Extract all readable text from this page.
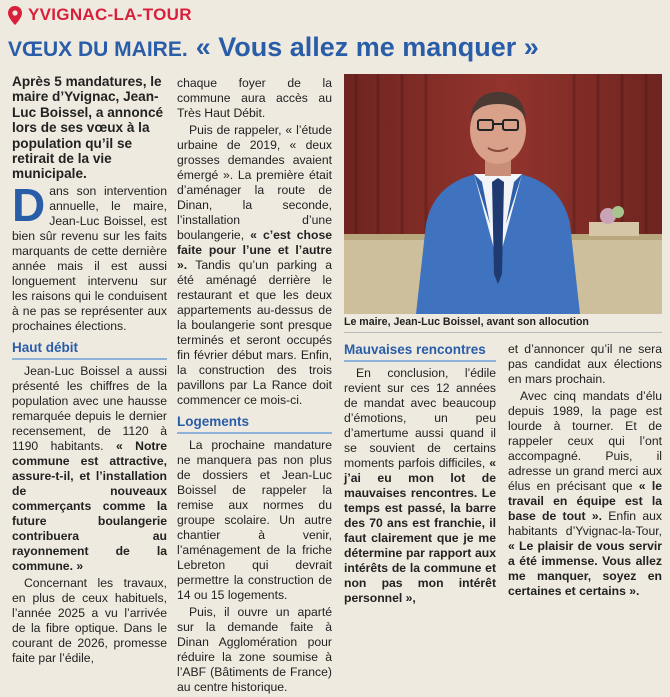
YVIGNAC-LA-TOUR
VŒUX DU MAIRE. « Vous allez me manquer »

Après 5 mandatures, le maire d’Yvignac, Jean-Luc Boissel, a annoncé lors de ses vœux à la population qu’il se retirait de la vie municipale.

Dans son intervention annuelle, le maire, Jean-Luc Boissel, est bien sûr revenu sur les faits marquants de cette dernière année mais il est aussi longuement intervenu sur les raisons qui le conduisent à ne pas se représenter aux prochaines élections.

Haut débit

Jean-Luc Boissel a aussi présenté les chiffres de la population avec une hausse remarquée depuis le dernier recensement, de 1120 à 1190 habitants. « Notre commune est attractive, assure-t-il, et l’installation de nouveaux commerçants comme la future boulangerie contribuera au rayonnement de la commune. »

Concernant les travaux, en plus de ceux habituels, l’année 2025 a vu l’arrivée de la fibre optique. Dans le courant de 2026, promesse faite par l’édile,

chaque foyer de la commune aura accès au Très Haut Débit.

Puis de rappeler, « l’étude urbaine de 2019, « deux grosses demandes avaient émergé ». La première était d’aménager la route de Dinan, la seconde, l’installation d’une boulangerie, « c’est chose faite pour l’une et l’autre ». Tandis qu’un parking a été aménagé derrière le restaurant et que les deux appartements au-dessus de la boulangerie sont presque terminés et seront occupés fin février début mars. Enfin, la construction des trois pavillons par La Rance doit commencer ce mois-ci.

Logements

La prochaine mandature ne manquera pas non plus de dossiers et Jean-Luc Boissel de rappeler la remise aux normes du groupe scolaire. Un autre chantier à venir, l’aménagement de la friche Lebreton qui devrait permettre la construction de 14 ou 15 logements.

Puis, il ouvre un aparté sur la demande faite à Dinan Agglomération pour réduire la zone soumise à l’ABF (Bâtiments de France) au centre historique.

Le maire, Jean-Luc Boissel, avant son allocution
Mauvaises rencontres

En conclusion, l’édile revient sur ces 12 années de mandat avec beaucoup d’émotions, un peu d’amertume aussi quand il se souvient de certains moments parfois difficiles, « j’ai eu mon lot de mauvaises rencontres. Le temps est passé, la barre des 70 ans est franchie, il faut clairement que je me détermine par rapport aux intérêts de la commune et non pas mon intérêt personnel »,

et d’annoncer qu’il ne sera pas candidat aux élections en mars prochain.

Avec cinq mandats d’élu depuis 1989, la page est lourde à tourner. Et de rappeler ceux qui l’ont accompagné. Puis, il adresse un grand merci aux élus en précisant que « le travail en équipe est la base de tout ». Enfin aux habitants d’Yvignac-la-Tour, « Le plaisir de vous servir a été immense. Vous allez me manquer, soyez en certaines et certains ».
